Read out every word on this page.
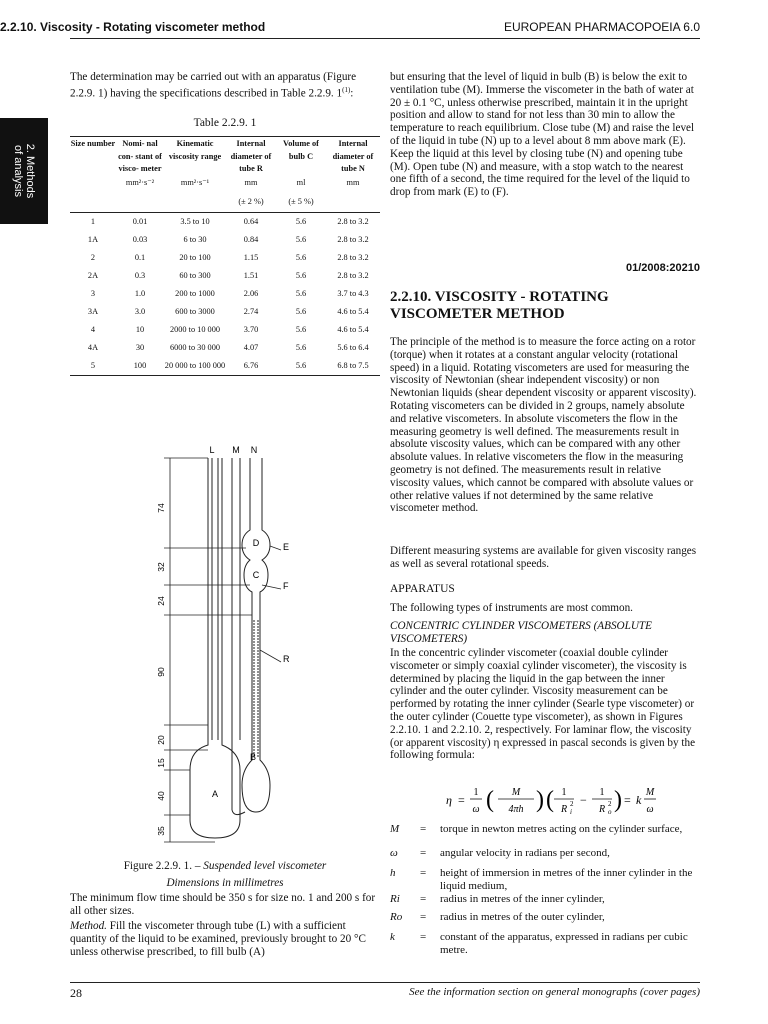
2.2.10. Viscosity - Rotating viscometer method	EUROPEAN PHARMACOPOEIA 6.0
2. Methods
of analysis
The determination may be carried out with an apparatus (Figure 2.2.9. 1) having the specifications described in Table 2.2.9. 1$^{(1)}$:
Table 2.2.9. 1
Size number	Nomi- nal con- stant of visco- meter	Kinematic viscosity range	Internal diameter of tube R	Volume of bulb C	Internal diameter of tube N
	mm²·s⁻²	mm²·s⁻¹	mm	ml	mm
			(± 2 %)	(± 5 %)	
1	0.01	3.5 to 10	0.64	5.6	2.8 to 3.2
1A	0.03	6 to 30	0.84	5.6	2.8 to 3.2
2	0.1	20 to 100	1.15	5.6	2.8 to 3.2
2A	0.3	60 to 300	1.51	5.6	2.8 to 3.2
3	1.0	200 to 1000	2.06	5.6	3.7 to 4.3
3A	3.0	600 to 3000	2.74	5.6	4.6 to 5.4
4	10	2000 to 10 000	3.70	5.6	4.6 to 5.4
4A	30	6000 to 30 000	4.07	5.6	5.6 to 6.4
5	100	20 000 to 100 000	6.76	5.6	6.8 to 7.5
L M N
D
C
B
A
E
F
R
74
32
24
90
20
15
40
35
Figure 2.2.9. 1. – Suspended level viscometer
Dimensions in millimetres
The minimum flow time should be 350 s for size no. 1 and 200 s for all other sizes.
Method. Fill the viscometer through tube (L) with a sufficient quantity of the liquid to be examined, previously brought to 20 °C unless otherwise prescribed, to fill bulb (A)
but ensuring that the level of liquid in bulb (B) is below the exit to ventilation tube (M). Immerse the viscometer in the bath of water at 20 ± 0.1 °C, unless otherwise prescribed, maintain it in the upright position and allow to stand for not less than 30 min to allow the temperature to reach equilibrium. Close tube (M) and raise the level of the liquid in tube (N) up to a level about 8 mm above mark (E). Keep the liquid at this level by closing tube (N) and opening tube (M). Open tube (N) and measure, with a stop watch to the nearest one fifth of a second, the time required for the level of the liquid to drop from mark (E) to (F).
01/2008:20210
2.2.10. VISCOSITY - ROTATING VISCOMETER METHOD
The principle of the method is to measure the force acting on a rotor (torque) when it rotates at a constant angular velocity (rotational speed) in a liquid. Rotating viscometers are used for measuring the viscosity of Newtonian (shear independent viscosity) or non Newtonian liquids (shear dependent viscosity or apparent viscosity). Rotating viscometers can be divided in 2 groups, namely absolute and relative viscometers. In absolute viscometers the flow in the measuring geometry is well defined. The measurements result in absolute viscosity values, which can be compared with any other absolute values. In relative viscometers the flow in the measuring geometry is not defined. The measurements result in relative viscosity values, which cannot be compared with absolute values or other relative values if not determined by the same relative viscometer method.
Different measuring systems are available for given viscosity ranges as well as several rotational speeds.
APPARATUS
The following types of instruments are most common.
CONCENTRIC CYLINDER VISCOMETERS (ABSOLUTE VISCOMETERS)
In the concentric cylinder viscometer (coaxial double cylinder viscometer or simply coaxial cylinder viscometer), the viscosity is determined by placing the liquid in the gap between the inner cylinder and the outer cylinder. Viscosity measurement can be performed by rotating the inner cylinder (Searle type viscometer) or the outer cylinder (Couette type viscometer), as shown in Figures 2.2.10. 1 and 2.2.10. 2, respectively. For laminar flow, the viscosity (or apparent viscosity) η expressed in pascal seconds is given by the following formula:
η =
1
ω ( M
4πh ) ( 1
R i
2 −
1
R o
2 ) = k
M
ω
M = torque in newton metres acting on the cylinder surface,
ω = angular velocity in radians per second,
h = height of immersion in metres of the inner cylinder in the liquid medium,
Ri = radius in metres of the inner cylinder,
Ro = radius in metres of the outer cylinder,
k = constant of the apparatus, expressed in radians per cubic metre.
28	See the information section on general monographs (cover pages)
